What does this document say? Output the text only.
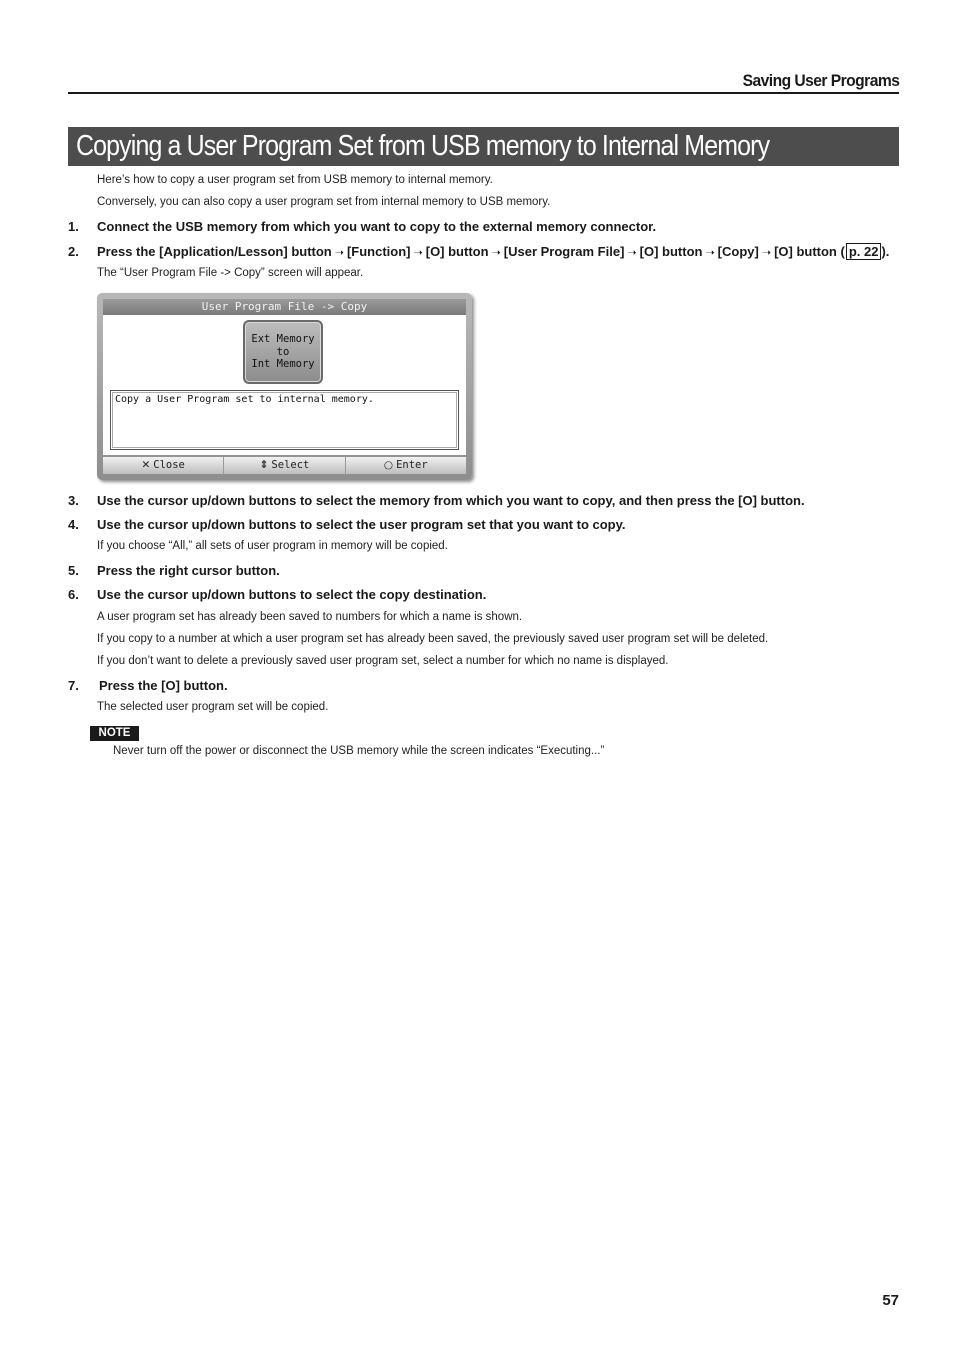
Saving User Programs
Copying a User Program Set from USB memory to Internal Memory

Here’s how to copy a user program set from USB memory to internal memory.

Conversely, you can also copy a user program set from internal memory to USB memory.

1. Connect the USB memory from which you want to copy to the external memory connector.
2. Press the [Application/Lesson] button ➝ [Function] ➝ [O] button ➝ [User Program File] ➝ [O] button ➝ [Copy] ➝ [O] button ( p. 22 ).

The “User Program File -> Copy” screen will appear.

User Program File -> Copy
Ext Memory
to
Int Memory
Copy a User Program set to internal memory.
✕ Close	⇕ Select	○ Enter
3. Use the cursor up/down buttons to select the memory from which you want to copy, and then press the [O] button.
4. Use the cursor up/down buttons to select the user program set that you want to copy.

If you choose “All,” all sets of user program in memory will be copied.

5. Press the right cursor button.
6. Use the cursor up/down buttons to select the copy destination.

A user program set has already been saved to numbers for which a name is shown.

If you copy to a number at which a user program set has already been saved, the previously saved user program set will be deleted.

If you don’t want to delete a previously saved user program set, select a number for which no name is displayed.

7. Press the [O] button.

The selected user program set will be copied.

NOTE

Never turn off the power or disconnect the USB memory while the screen indicates “Executing...”

57
